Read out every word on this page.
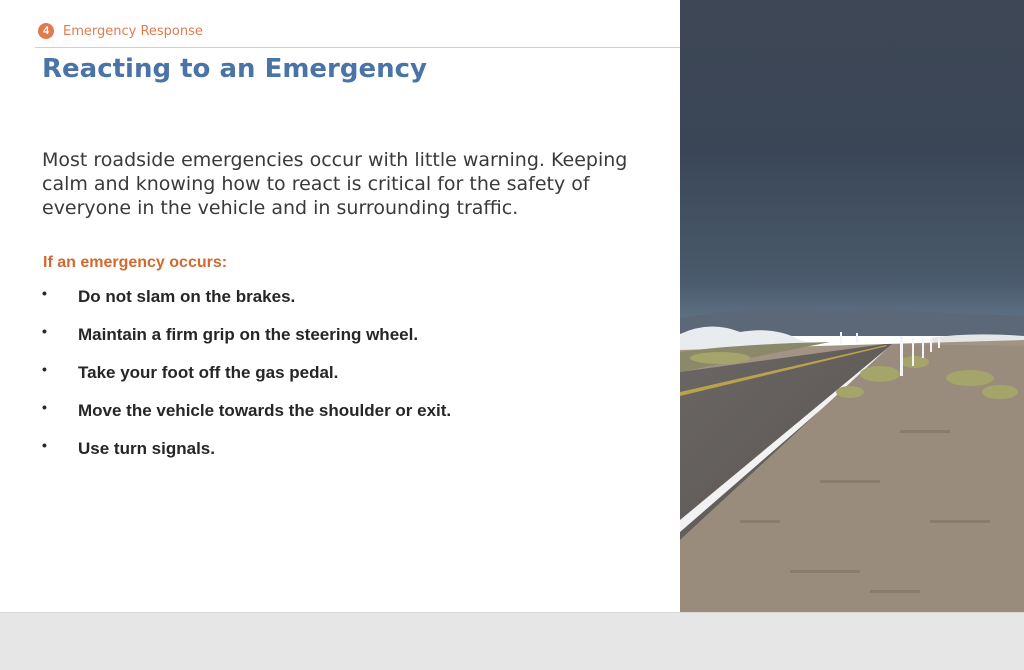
4	Emergency Response
Reacting to an Emergency
Most roadside emergencies occur with little warning. Keeping calm and knowing how to react is critical for the safety of everyone in the vehicle and in surrounding traffic.
If an emergency occurs:
• Do not slam on the brakes.
• Maintain a firm grip on the steering wheel.
• Take your foot off the gas pedal.
• Move the vehicle towards the shoulder or exit.
• Use turn signals.
